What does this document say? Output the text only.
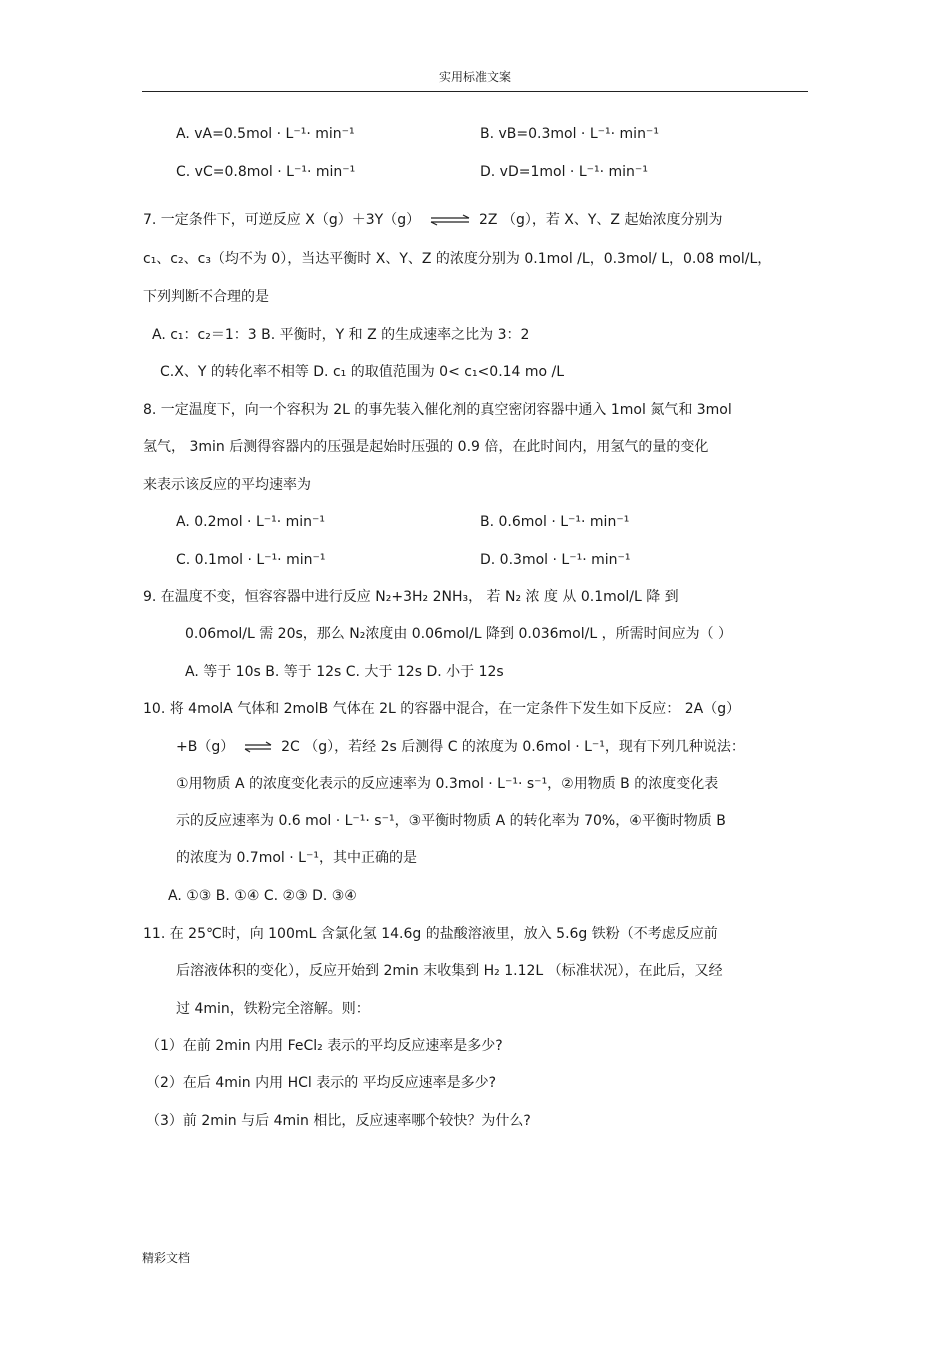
实用标准文案
A. vA=0.5mol · L⁻¹· min⁻¹	B. vB=0.3mol · L⁻¹· min⁻¹
C. vC=0.8mol · L⁻¹· min⁻¹	D. vD=1mol · L⁻¹· min⁻¹
7. 一定条件下，可逆反应 X（g）＋3Y（g） ⇌ 2Z （g），若 X、Y、Z 起始浓度分别为
c₁、c₂、c₃（均不为 0），当达平衡时 X、Y、Z 的浓度分别为 0.1mol /L，0.3mol/ L，0.08 mol/L，
下列判断不合理的是
A. c₁：c₂＝1：3 B. 平衡时，Y 和 Z 的生成速率之比为 3：2
C.X、Y 的转化率不相等 D. c₁ 的取值范围为 0< c₁<0.14 mo /L
8. 一定温度下，向一个容积为 2L 的事先装入催化剂的真空密闭容器中通入 1mol 氮气和 3mol
氢气， 3min 后测得容器内的压强是起始时压强的 0.9 倍，在此时间内，用氢气的量的变化
来表示该反应的平均速率为
A. 0.2mol · L⁻¹· min⁻¹	B. 0.6mol · L⁻¹· min⁻¹
C. 0.1mol · L⁻¹· min⁻¹	D. 0.3mol · L⁻¹· min⁻¹
9. 在温度不变，恒容容器中进行反应 N₂+3H₂ 2NH₃， 若 N₂ 浓 度 从 0.1mol/L 降 到
0.06mol/L 需 20s，那么 N₂浓度由 0.06mol/L 降到 0.036mol/L ，所需时间应为（ ）
A. 等于 10s B. 等于 12s C. 大于 12s D. 小于 12s
10. 将 4molA 气体和 2molB 气体在 2L 的容器中混合，在一定条件下发生如下反应： 2A（g）
+B（g） ⇌ 2C （g），若经 2s 后测得 C 的浓度为 0.6mol · L⁻¹，现有下列几种说法：
①用物质 A 的浓度变化表示的反应速率为 0.3mol · L⁻¹· s⁻¹，②用物质 B 的浓度变化表
示的反应速率为 0.6 mol · L⁻¹· s⁻¹，③平衡时物质 A 的转化率为 70%，④平衡时物质 B
的浓度为 0.7mol · L⁻¹，其中正确的是
A. ①③ B. ①④ C. ②③ D. ③④
11. 在 25℃时，向 100mL 含氯化氢 14.6g 的盐酸溶液里，放入 5.6g 铁粉（不考虑反应前
后溶液体积的变化），反应开始到 2min 末收集到 H₂ 1.12L （标准状况），在此后，又经
过 4min，铁粉完全溶解。则：
（1）在前 2min 内用 FeCl₂ 表示的平均反应速率是多少?
（2）在后 4min 内用 HCl 表示的 平均反应速率是多少?
（3）前 2min 与后 4min 相比，反应速率哪个较快？为什么?
精彩文档
